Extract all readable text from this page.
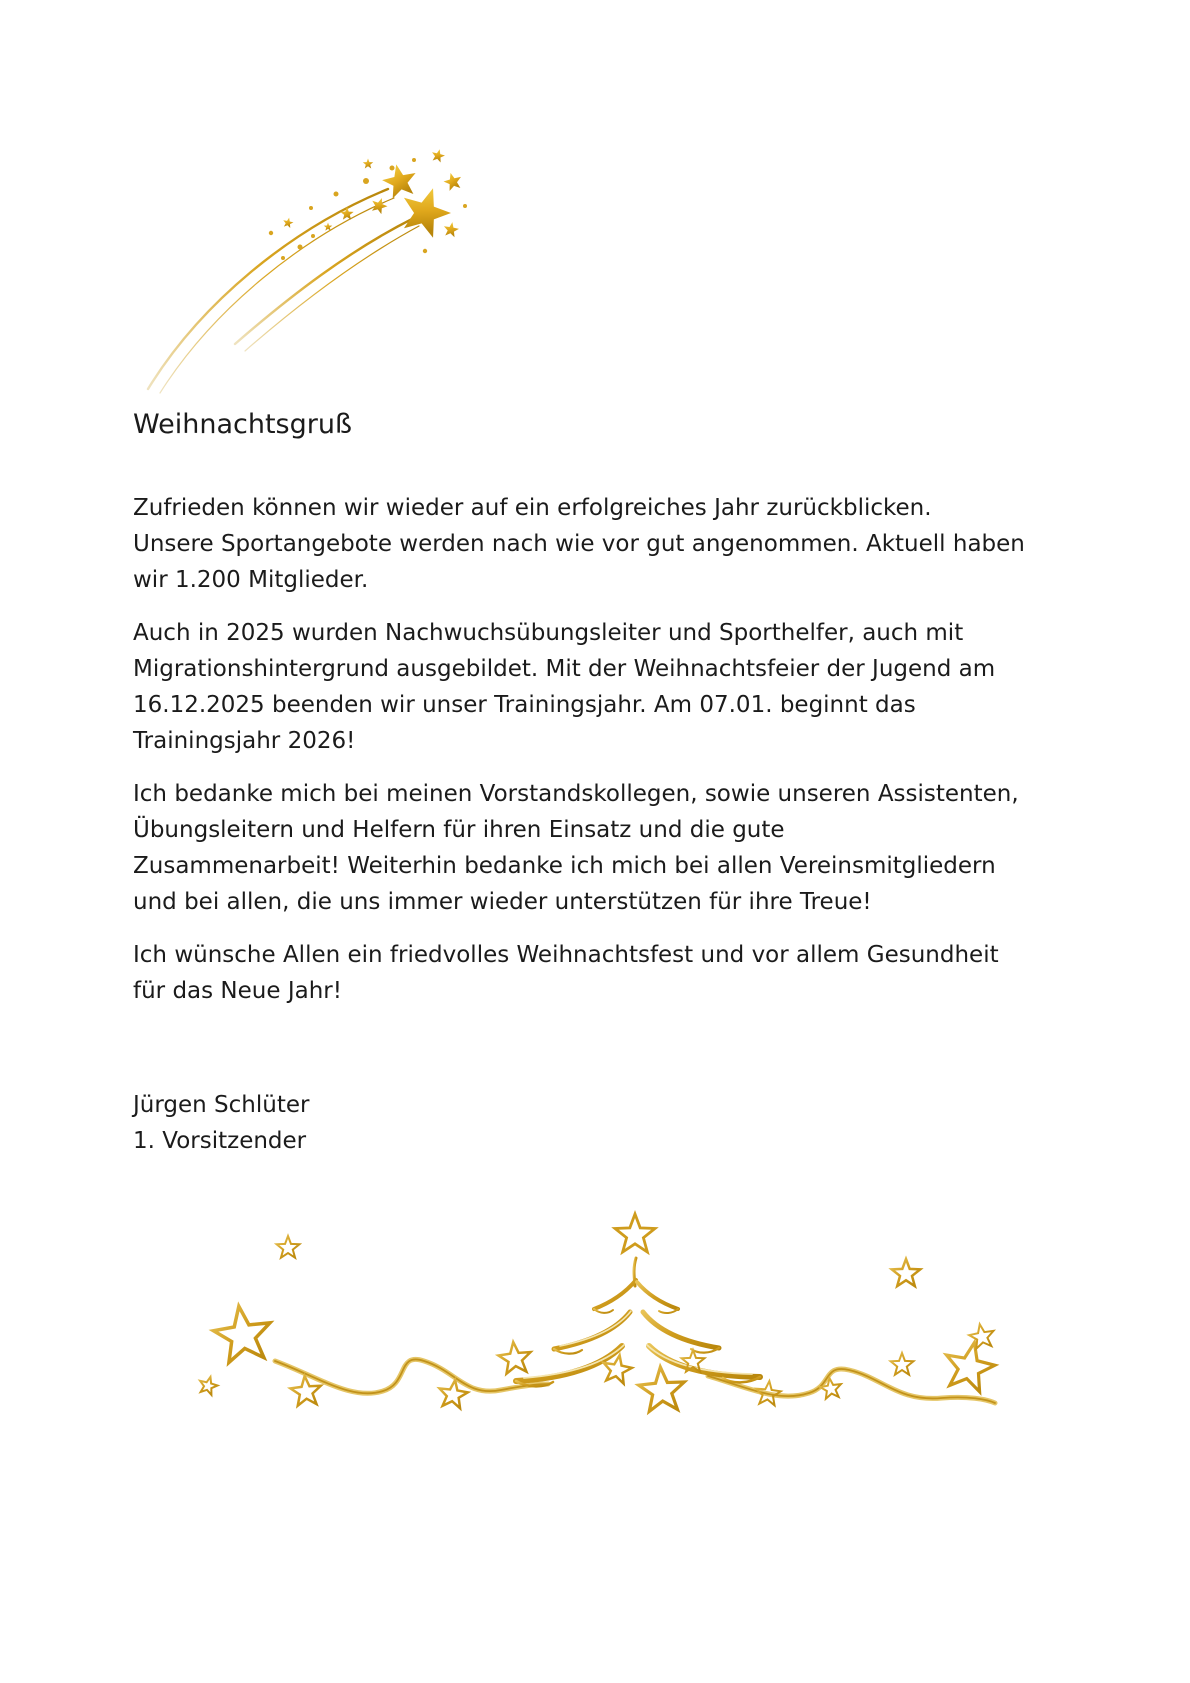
Weihnachtsgruß
Zufrieden können wir wieder auf ein erfolgreiches Jahr zurückblicken.
Unsere Sportangebote werden nach wie vor gut angenommen. Aktuell haben
wir 1.200 Mitglieder.
Auch in 2025 wurden Nachwuchsübungsleiter und Sporthelfer, auch mit
Migrationshintergrund ausgebildet. Mit der Weihnachtsfeier der Jugend am
16.12.2025 beenden wir unser Trainingsjahr. Am 07.01. beginnt das
Trainingsjahr 2026!
Ich bedanke mich bei meinen Vorstandskollegen, sowie unseren Assistenten,
Übungsleitern und Helfern für ihren Einsatz und die gute
Zusammenarbeit! Weiterhin bedanke ich mich bei allen Vereinsmitgliedern
und bei allen, die uns immer wieder unterstützen für ihre Treue!
Ich wünsche Allen ein friedvolles Weihnachtsfest und vor allem Gesundheit
für das Neue Jahr!
Jürgen Schlüter
1. Vorsitzender
